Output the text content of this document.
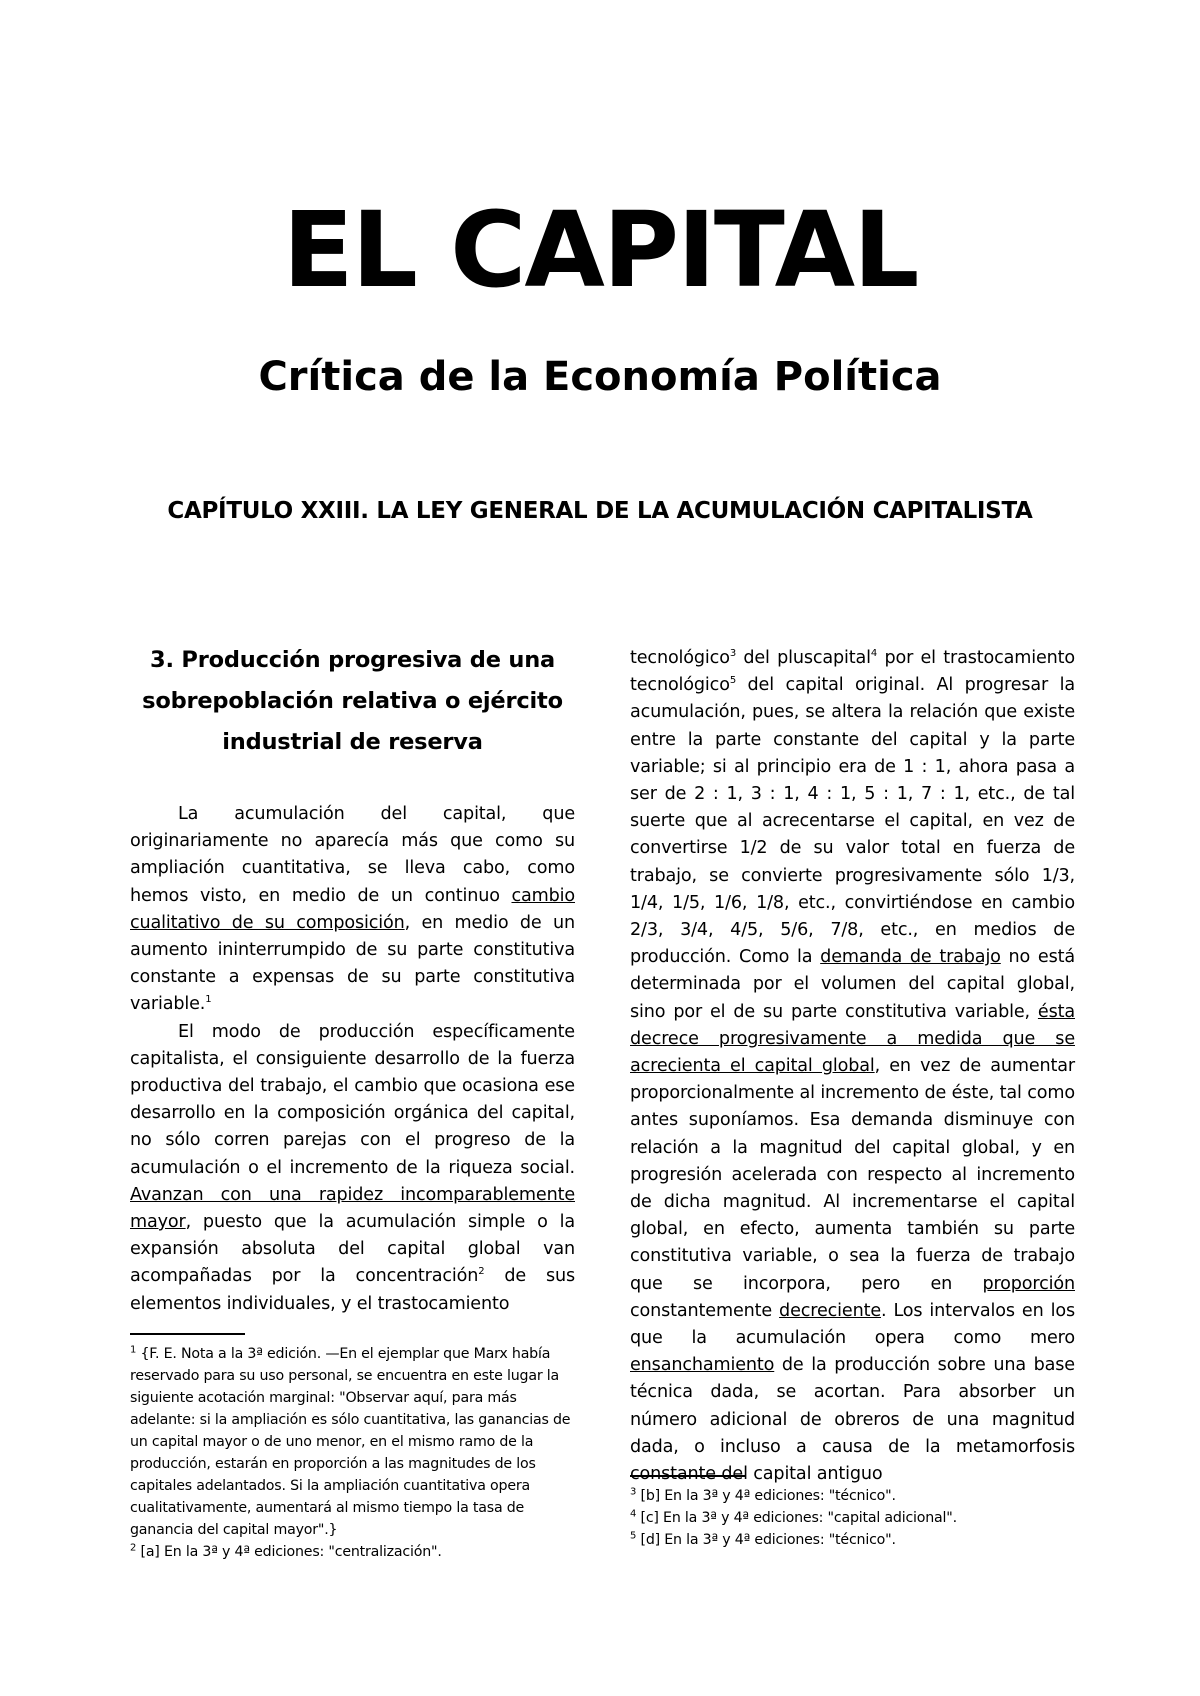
EL CAPITAL
Crítica de la Economía Política
CAPÍTULO XXIII. LA LEY GENERAL DE LA ACUMULACIÓN CAPITALISTA
3. Producción progresiva de una sobrepoblación relativa o ejército industrial de reserva

La acumulación del capital, que originariamente no aparecía más que como su ampliación cuantitativa, se lleva cabo, como hemos visto, en medio de un continuo cambio cualitativo de su composición, en medio de un aumento ininterrumpido de su parte constitutiva constante a expensas de su parte constitutiva variable.$^1$

El modo de producción específicamente capitalista, el consiguiente desarrollo de la fuerza productiva del trabajo, el cambio que ocasiona ese desarrollo en la composición orgánica del capital, no sólo corren parejas con el progreso de la acumulación o el incremento de la riqueza social. Avanzan con una rapidez incomparablemente mayor, puesto que la acumulación simple o la expansión absoluta del capital global van acompañadas por la concentración$^2$ de sus elementos individuales, y el trastocamiento

$^1$ {F. E. Nota a la 3ª edición. —En el ejemplar que Marx había reservado para su uso personal, se encuentra en este lugar la siguiente acotación marginal: "Observar aquí, para más adelante: si la ampliación es sólo cuantitativa, las ganancias de un capital mayor o de uno menor, en el mismo ramo de la producción, estarán en proporción a las magnitudes de los capitales adelantados. Si la ampliación cuantitativa opera cualitativamente, aumentará al mismo tiempo la tasa de ganancia del capital mayor".}

$^2$ [a] En la 3ª y 4ª ediciones: "centralización".

tecnológico$^3$ del pluscapital$^4$ por el trastocamiento tecnológico$^5$ del capital original. Al progresar la acumulación, pues, se altera la relación que existe entre la parte constante del capital y la parte variable; si al principio era de 1 : 1, ahora pasa a ser de 2 : 1, 3 : 1, 4 : 1, 5 : 1, 7 : 1, etc., de tal suerte que al acrecentarse el capital, en vez de convertirse 1/2 de su valor total en fuerza de trabajo, se convierte progresivamente sólo 1/3, 1/4, 1/5, 1/6, 1/8, etc., convirtiéndose en cambio 2/3, 3/4, 4/5, 5/6, 7/8, etc., en medios de producción. Como la demanda de trabajo no está determinada por el volumen del capital global, sino por el de su parte constitutiva variable, ésta decrece progresivamente a medida que se acrecienta el capital global, en vez de aumentar proporcionalmente al incremento de éste, tal como antes suponíamos. Esa demanda disminuye con relación a la magnitud del capital global, y en progresión acelerada con respecto al incremento de dicha magnitud. Al incrementarse el capital global, en efecto, aumenta también su parte constitutiva variable, o sea la fuerza de trabajo que se incorpora, pero en proporción constantemente decreciente. Los intervalos en los que la acumulación opera como mero ensanchamiento de la producción sobre una base técnica dada, se acortan. Para absorber un número adicional de obreros de una magnitud dada, o incluso a causa de la metamorfosis constante del capital antiguo

$^3$ [b] En la 3ª y 4ª ediciones: "técnico".

$^4$ [c] En la 3ª y 4ª ediciones: "capital adicional".

$^5$ [d] En la 3ª y 4ª ediciones: "técnico".
